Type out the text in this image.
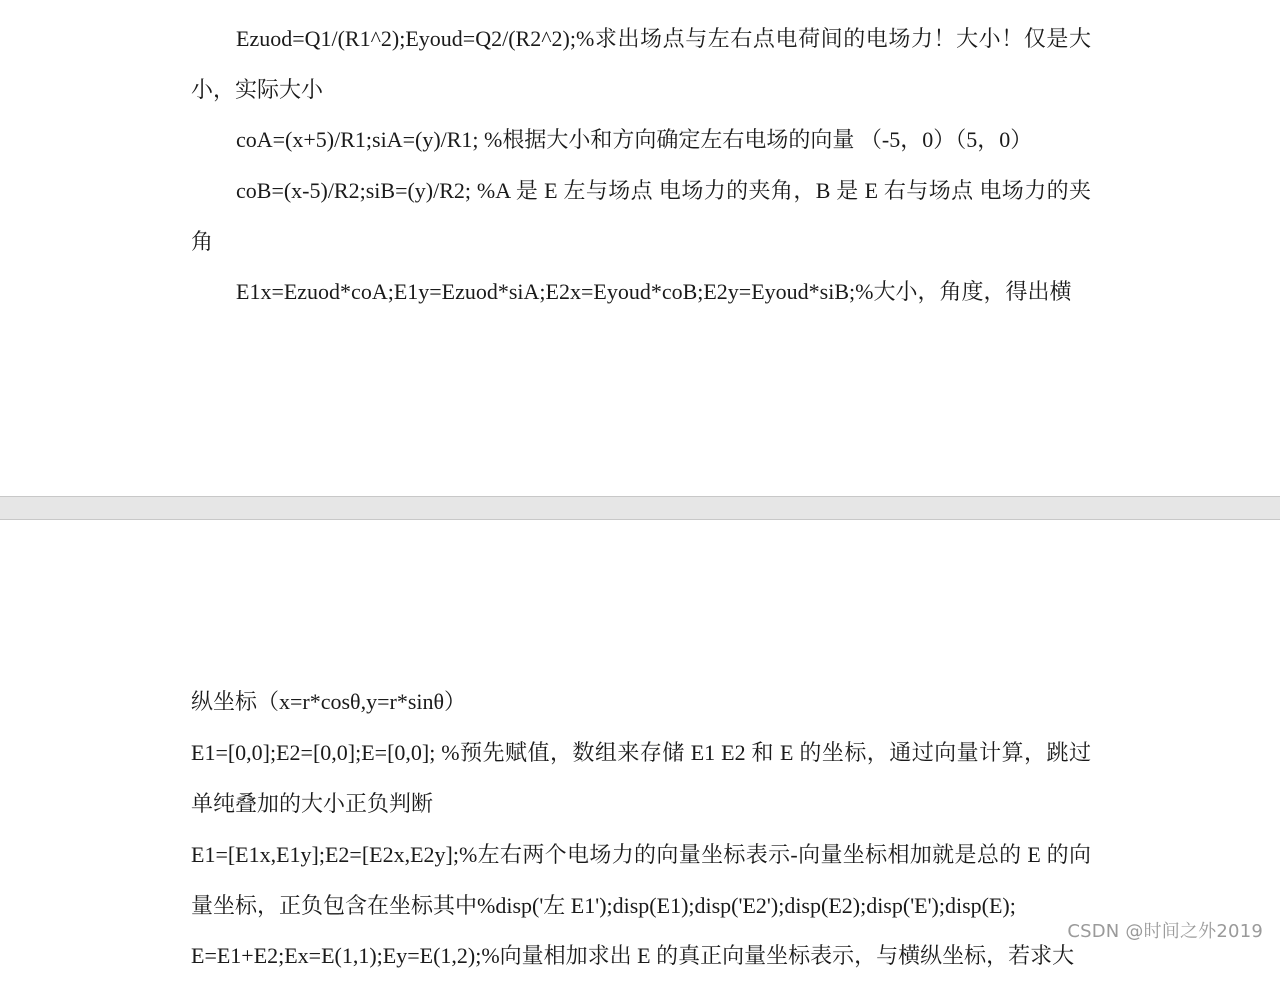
Ezuod=Q1/(R1^2);Eyoud=Q2/(R2^2);%求出场点与左右点电荷间的电场力！大小！仅是大小，实际大小

coA=(x+5)/R1;siA=(y)/R1; %根据大小和方向确定左右电场的向量 （-5，0）（5，0）

coB=(x-5)/R2;siB=(y)/R2; %A 是 E 左与场点 电场力的夹角，B 是 E 右与场点 电场力的夹角

E1x=Ezuod*coA;E1y=Ezuod*siA;E2x=Eyoud*coB;E2y=Eyoud*siB;%大小，角度，得出横

纵坐标（x=r*cosθ,y=r*sinθ）

E1=[0,0];E2=[0,0];E=[0,0]; %预先赋值，数组来存储 E1 E2 和 E 的坐标，通过向量计算，跳过单纯叠加的大小正负判断

E1=[E1x,E1y];E2=[E2x,E2y];%左右两个电场力的向量坐标表示-向量坐标相加就是总的 E 的向量坐标，正负包含在坐标其中%disp('左 E1');disp(E1);disp('E2');disp(E2);disp('E');disp(E);

E=E1+E2;Ex=E(1,1);Ey=E(1,2);%向量相加求出 E 的真正向量坐标表示，与横纵坐标，若求大

CSDN @时间之外2019
